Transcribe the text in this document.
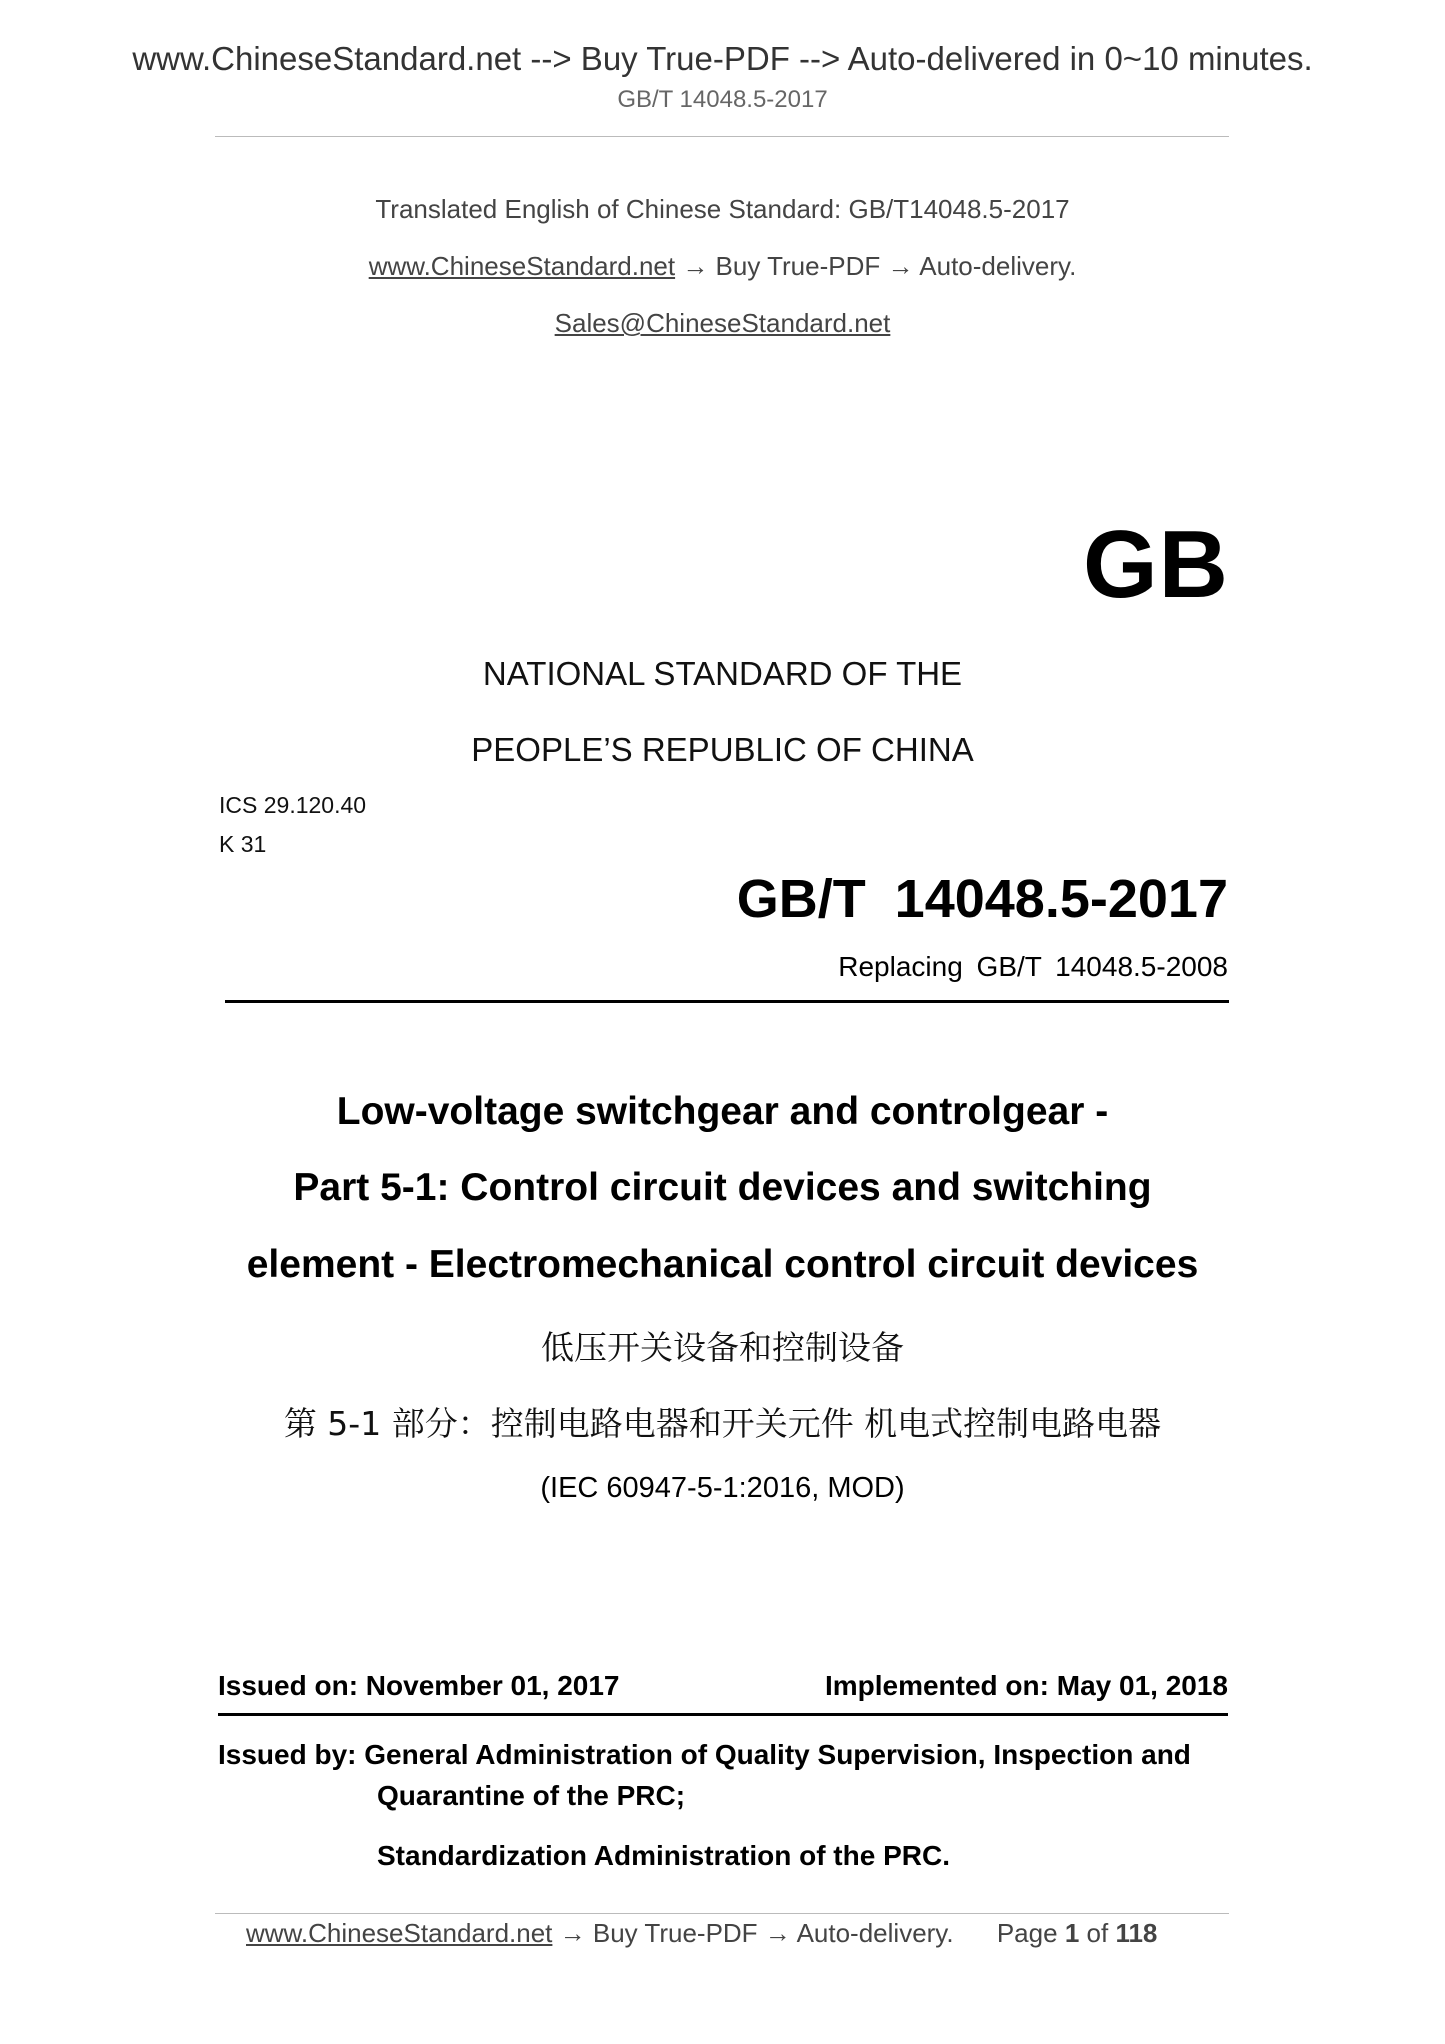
www.ChineseStandard.net --> Buy True-PDF --> Auto-delivered in 0~10 minutes.
GB/T 14048.5-2017
Translated English of Chinese Standard: GB/T14048.5-2017
www.ChineseStandard.net → Buy True-PDF → Auto-delivery.
Sales@ChineseStandard.net
GB
NATIONAL STANDARD OF THE
PEOPLE’S REPUBLIC OF CHINA
ICS 29.120.40
K 31
GB/T 14048.5-2017
Replacing GB/T 14048.5-2008
Low-voltage switchgear and controlgear -
Part 5-1: Control circuit devices and switching
element - Electromechanical control circuit devices
低压开关设备和控制设备
第 5-1 部分：控制电路电器和开关元件 机电式控制电路电器
(IEC 60947-5-1:2016, MOD)
Issued on: November 01, 2017	Implemented on: May 01, 2018
Issued by: General Administration of Quality Supervision, Inspection and
Quarantine of the PRC;
Standardization Administration of the PRC.
www.ChineseStandard.net → Buy True-PDF → Auto-delivery. Page 1 of 118
